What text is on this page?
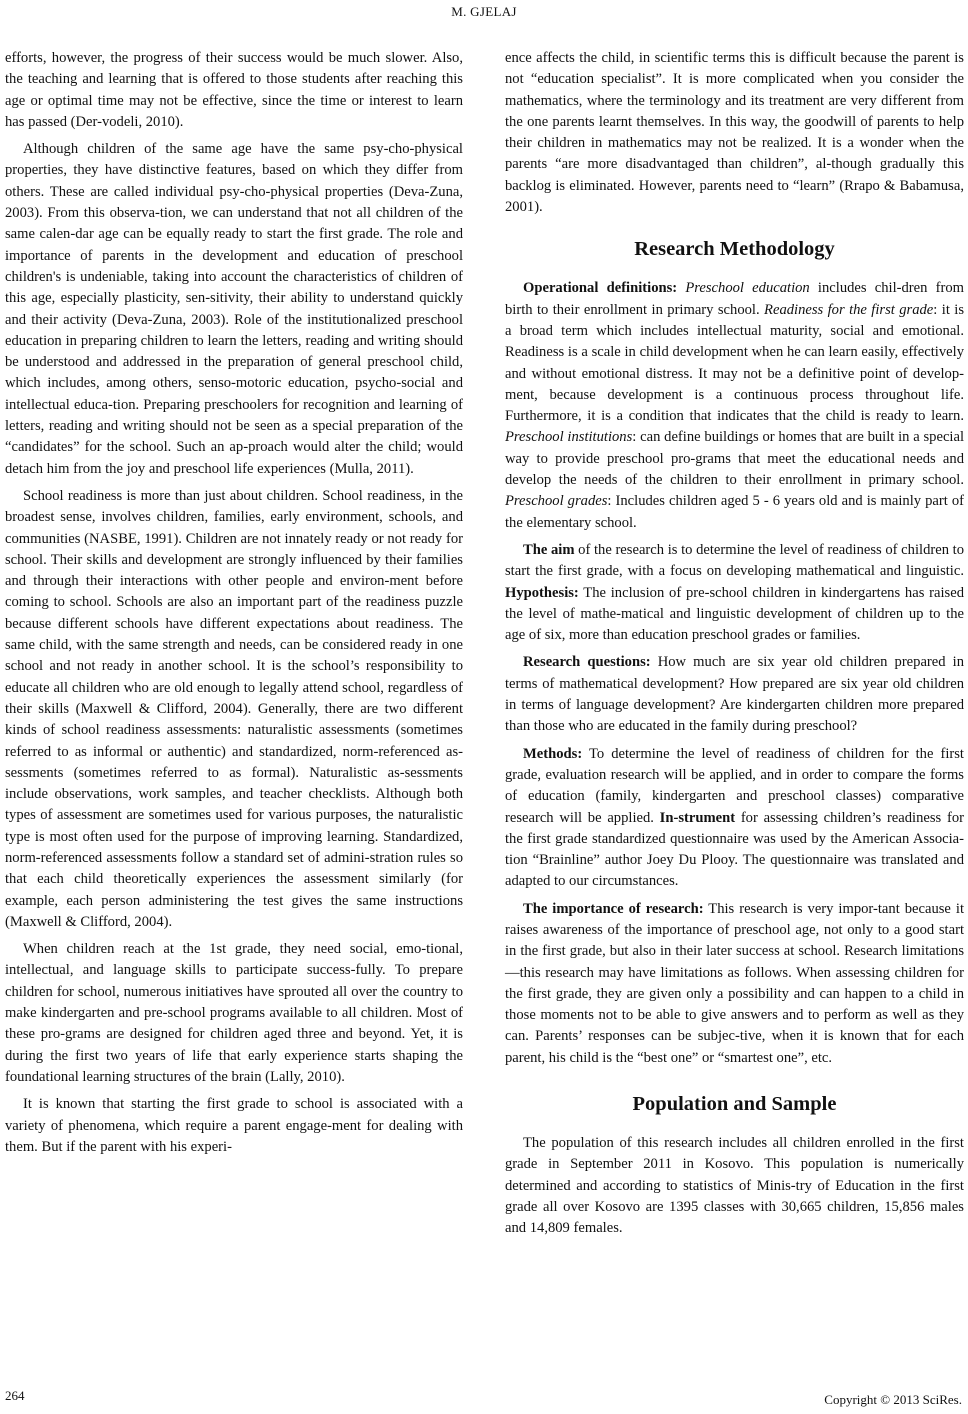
M. GJELAJ

efforts, however, the progress of their success would be much slower. Also, the teaching and learning that is offered to those students after reaching this age or optimal time may not be effective, since the time or interest to learn has passed (Der-vodeli, 2010).

Although children of the same age have the same psy-cho-physical properties, they have distinctive features, based on which they differ from others. These are called individual psy-cho-physical properties (Deva-Zuna, 2003). From this observa-tion, we can understand that not all children of the same calen-dar age can be equally ready to start the first grade. The role and importance of parents in the development and education of preschool children's is undeniable, taking into account the characteristics of children of this age, especially plasticity, sen-sitivity, their ability to understand quickly and their activity (Deva-Zuna, 2003). Role of the institutionalized preschool education in preparing children to learn the letters, reading and writing should be understood and addressed in the preparation of general preschool child, which includes, among others, senso-motoric education, psycho-social and intellectual educa-tion. Preparing preschoolers for recognition and learning of letters, reading and writing should not be seen as a special preparation of the “candidates” for the school. Such an ap-proach would alter the child; would detach him from the joy and preschool life experiences (Mulla, 2011).

School readiness is more than just about children. School readiness, in the broadest sense, involves children, families, early environment, schools, and communities (NASBE, 1991). Children are not innately ready or not ready for school. Their skills and development are strongly influenced by their families and through their interactions with other people and environ-ment before coming to school. Schools are also an important part of the readiness puzzle because different schools have different expectations about readiness. The same child, with the same strength and needs, can be considered ready in one school and not ready in another school. It is the school’s responsibility to educate all children who are old enough to legally attend school, regardless of their skills (Maxwell & Clifford, 2004). Generally, there are two different kinds of school readiness assessments: naturalistic assessments (sometimes referred to as informal or authentic) and standardized, norm-referenced as-sessments (sometimes referred to as formal). Naturalistic as-sessments include observations, work samples, and teacher checklists. Although both types of assessment are sometimes used for various purposes, the naturalistic type is most often used for the purpose of improving learning. Standardized, norm-referenced assessments follow a standard set of admini-stration rules so that each child theoretically experiences the assessment similarly (for example, each person administering the test gives the same instructions (Maxwell & Clifford, 2004).

When children reach at the 1st grade, they need social, emo-tional, intellectual, and language skills to participate success-fully. To prepare children for school, numerous initiatives have sprouted all over the country to make kindergarten and pre-school programs available to all children. Most of these pro-grams are designed for children aged three and beyond. Yet, it is during the first two years of life that early experience starts shaping the foundational learning structures of the brain (Lally, 2010).

It is known that starting the first grade to school is associated with a variety of phenomena, which require a parent engage-ment for dealing with them. But if the parent with his experi-

ence affects the child, in scientific terms this is difficult because the parent is not “education specialist”. It is more complicated when you consider the mathematics, where the terminology and its treatment are very different from the one parents learnt themselves. In this way, the goodwill of parents to help their children in mathematics may not be realized. It is a wonder when the parents “are more disadvantaged than children”, al-though gradually this backlog is eliminated. However, parents need to “learn” (Rrapo & Babamusa, 2001).

Research Methodology

Operational definitions: Preschool education includes chil-dren from birth to their enrollment in primary school. Readiness for the first grade: it is a broad term which includes intellectual maturity, social and emotional. Readiness is a scale in child development when he can learn easily, effectively and without emotional distress. It may not be a definitive point of develop-ment, because development is a continuous process throughout life. Furthermore, it is a condition that indicates that the child is ready to learn. Preschool institutions: can define buildings or homes that are built in a special way to provide preschool pro-grams that meet the educational needs and develop the needs of the children to their enrollment in primary school. Preschool grades: Includes children aged 5 - 6 years old and is mainly part of the elementary school.

The aim of the research is to determine the level of readiness of children to start the first grade, with a focus on developing mathematical and linguistic. Hypothesis: The inclusion of pre-school children in kindergartens has raised the level of mathe-matical and linguistic development of children up to the age of six, more than education preschool grades or families.

Research questions: How much are six year old children prepared in terms of mathematical development? How prepared are six year old children in terms of language development? Are kindergarten children more prepared than those who are educated in the family during preschool?

Methods: To determine the level of readiness of children for the first grade, evaluation research will be applied, and in order to compare the forms of education (family, kindergarten and preschool classes) comparative research will be applied. In-strument for assessing children’s readiness for the first grade standardized questionnaire was used by the American Associa-tion “Brainline” author Joey Du Plooy. The questionnaire was translated and adapted to our circumstances.

The importance of research: This research is very impor-tant because it raises awareness of the importance of preschool age, not only to a good start in the first grade, but also in their later success at school. Research limitations—this research may have limitations as follows. When assessing children for the first grade, they are given only a possibility and can happen to a child in those moments not to be able to give answers and to perform as well as they can. Parents’ responses can be subjec-tive, when it is known that for each parent, his child is the “best one” or “smartest one”, etc.

Population and Sample

The population of this research includes all children enrolled in the first grade in September 2011 in Kosovo. This population is numerically determined and according to statistics of Minis-try of Education in the first grade all over Kosovo are 1395 classes with 30,665 children, 15,856 males and 14,809 females.

264	Copyright © 2013 SciRes.
